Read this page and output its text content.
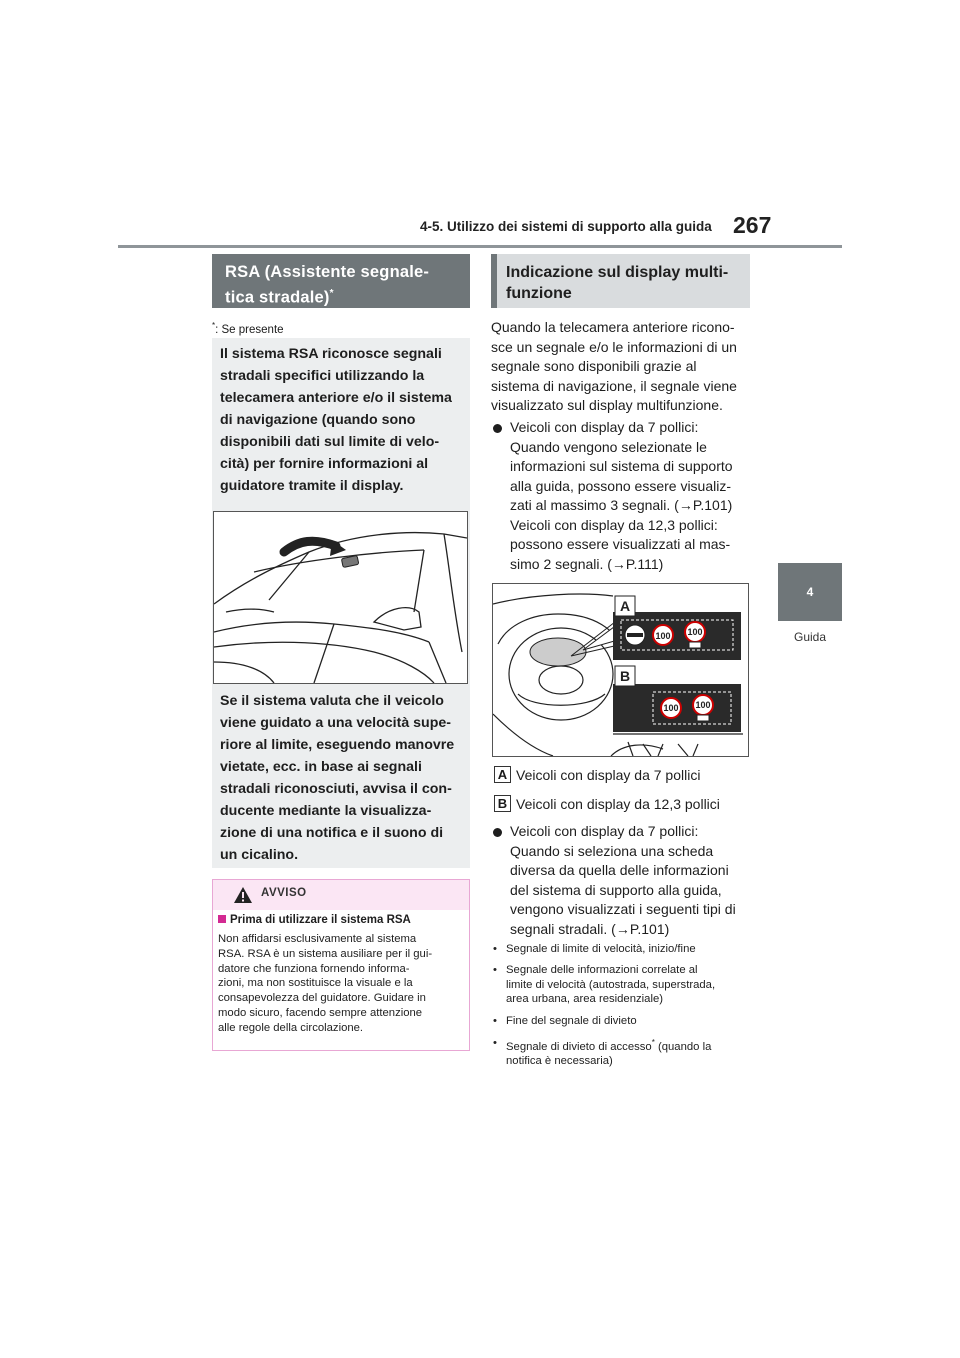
4-5. Utilizzo dei sistemi di supporto alla guida 267
4
Guida
RSA (Assistente segnale-
tica stradale)*
*: Se presente
Il sistema RSA riconosce segnali
stradali specifici utilizzando la
telecamera anteriore e/o il sistema
di navigazione (quando sono
disponibili dati sul limite di velo-
cità) per fornire informazioni al
guidatore tramite il display.
Se il sistema valuta che il veicolo
viene guidato a una velocità supe-
riore al limite, eseguendo manovre
vietate, ecc. in base ai segnali
stradali riconosciuti, avvisa il con-
ducente mediante la visualizza-
zione di una notifica e il suono di
un cicalino.
AVVISO
Prima di utilizzare il sistema RSA
Non affidarsi esclusivamente al sistema
RSA. RSA è un sistema ausiliare per il gui-
datore che funziona fornendo informa-
zioni, ma non sostituisce la visuale e la
consapevolezza del guidatore. Guidare in
modo sicuro, facendo sempre attenzione
alle regole della circolazione.
Indicazione sul display multi-
funzione
Quando la telecamera anteriore ricono-
sce un segnale e/o le informazioni di un
segnale sono disponibili grazie al
sistema di navigazione, il segnale viene
visualizzato sul display multifunzione.
Veicoli con display da 7 pollici:
Quando vengono selezionate le
informazioni sul sistema di supporto
alla guida, possono essere visualiz-
zati al massimo 3 segnali. (→P.101)
Veicoli con display da 12,3 pollici:
possono essere visualizzati al mas-
simo 2 segnali. (→P.111)
100 100
100 100
A
B
A Veicoli con display da 7 pollici
B Veicoli con display da 12,3 pollici
Veicoli con display da 7 pollici:
Quando si seleziona una scheda
diversa da quella delle informazioni
del sistema di supporto alla guida,
vengono visualizzati i seguenti tipi di
segnali stradali. (→P.101)
• Segnale di limite di velocità, inizio/fine
• Segnale delle informazioni correlate al
limite di velocità (autostrada, superstrada,
area urbana, area residenziale)
• Fine del segnale di divieto
• Segnale di divieto di accesso* (quando la
notifica è necessaria)
